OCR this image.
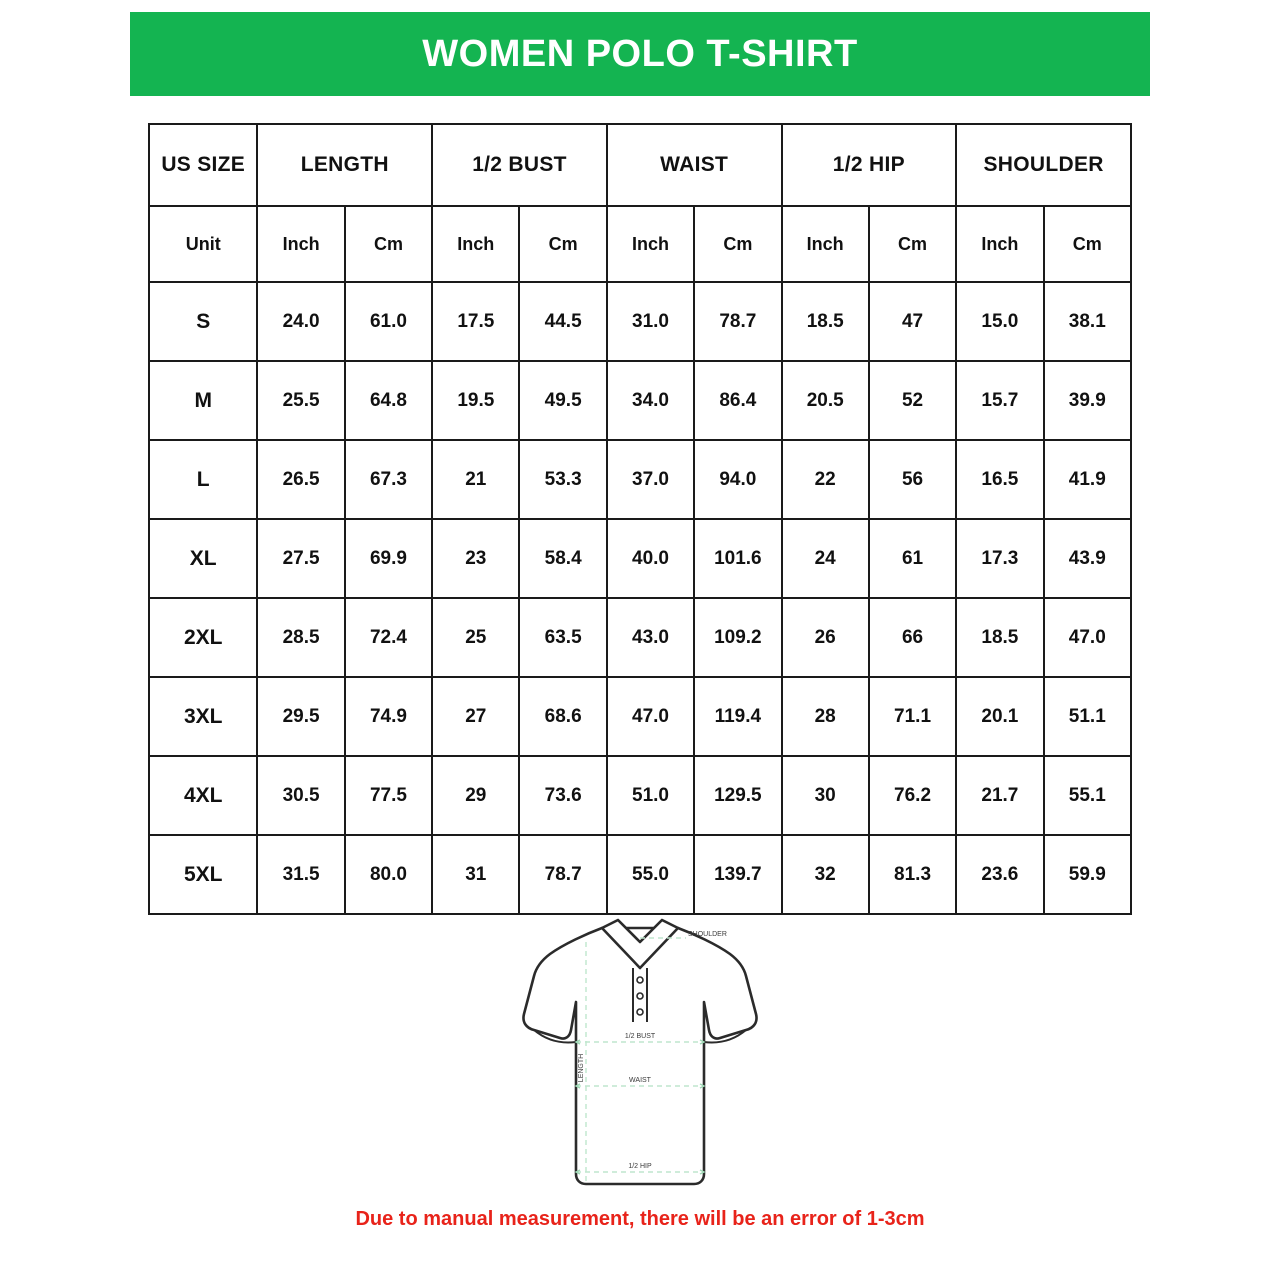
WOMEN POLO T-SHIRT
US SIZE	LENGTH		1/2 BUST		WAIST		1/2 HIP		SHOULDER	
Unit	Inch	Cm	Inch	Cm	Inch	Cm	Inch	Cm	Inch	Cm
S	24.0	61.0	17.5	44.5	31.0	78.7	18.5	47	15.0	38.1
M	25.5	64.8	19.5	49.5	34.0	86.4	20.5	52	15.7	39.9
L	26.5	67.3	21	53.3	37.0	94.0	22	56	16.5	41.9
XL	27.5	69.9	23	58.4	40.0	101.6	24	61	17.3	43.9
2XL	28.5	72.4	25	63.5	43.0	109.2	26	66	18.5	47.0
3XL	29.5	74.9	27	68.6	47.0	119.4	28	71.1	20.1	51.1
4XL	30.5	77.5	29	73.6	51.0	129.5	30	76.2	21.7	55.1
5XL	31.5	80.0	31	78.7	55.0	139.7	32	81.3	23.6	59.9
LENGTH
SHOULDER
1/2 BUST
WAIST
1/2 HIP
Due to manual measurement, there will be an error of 1-3cm
